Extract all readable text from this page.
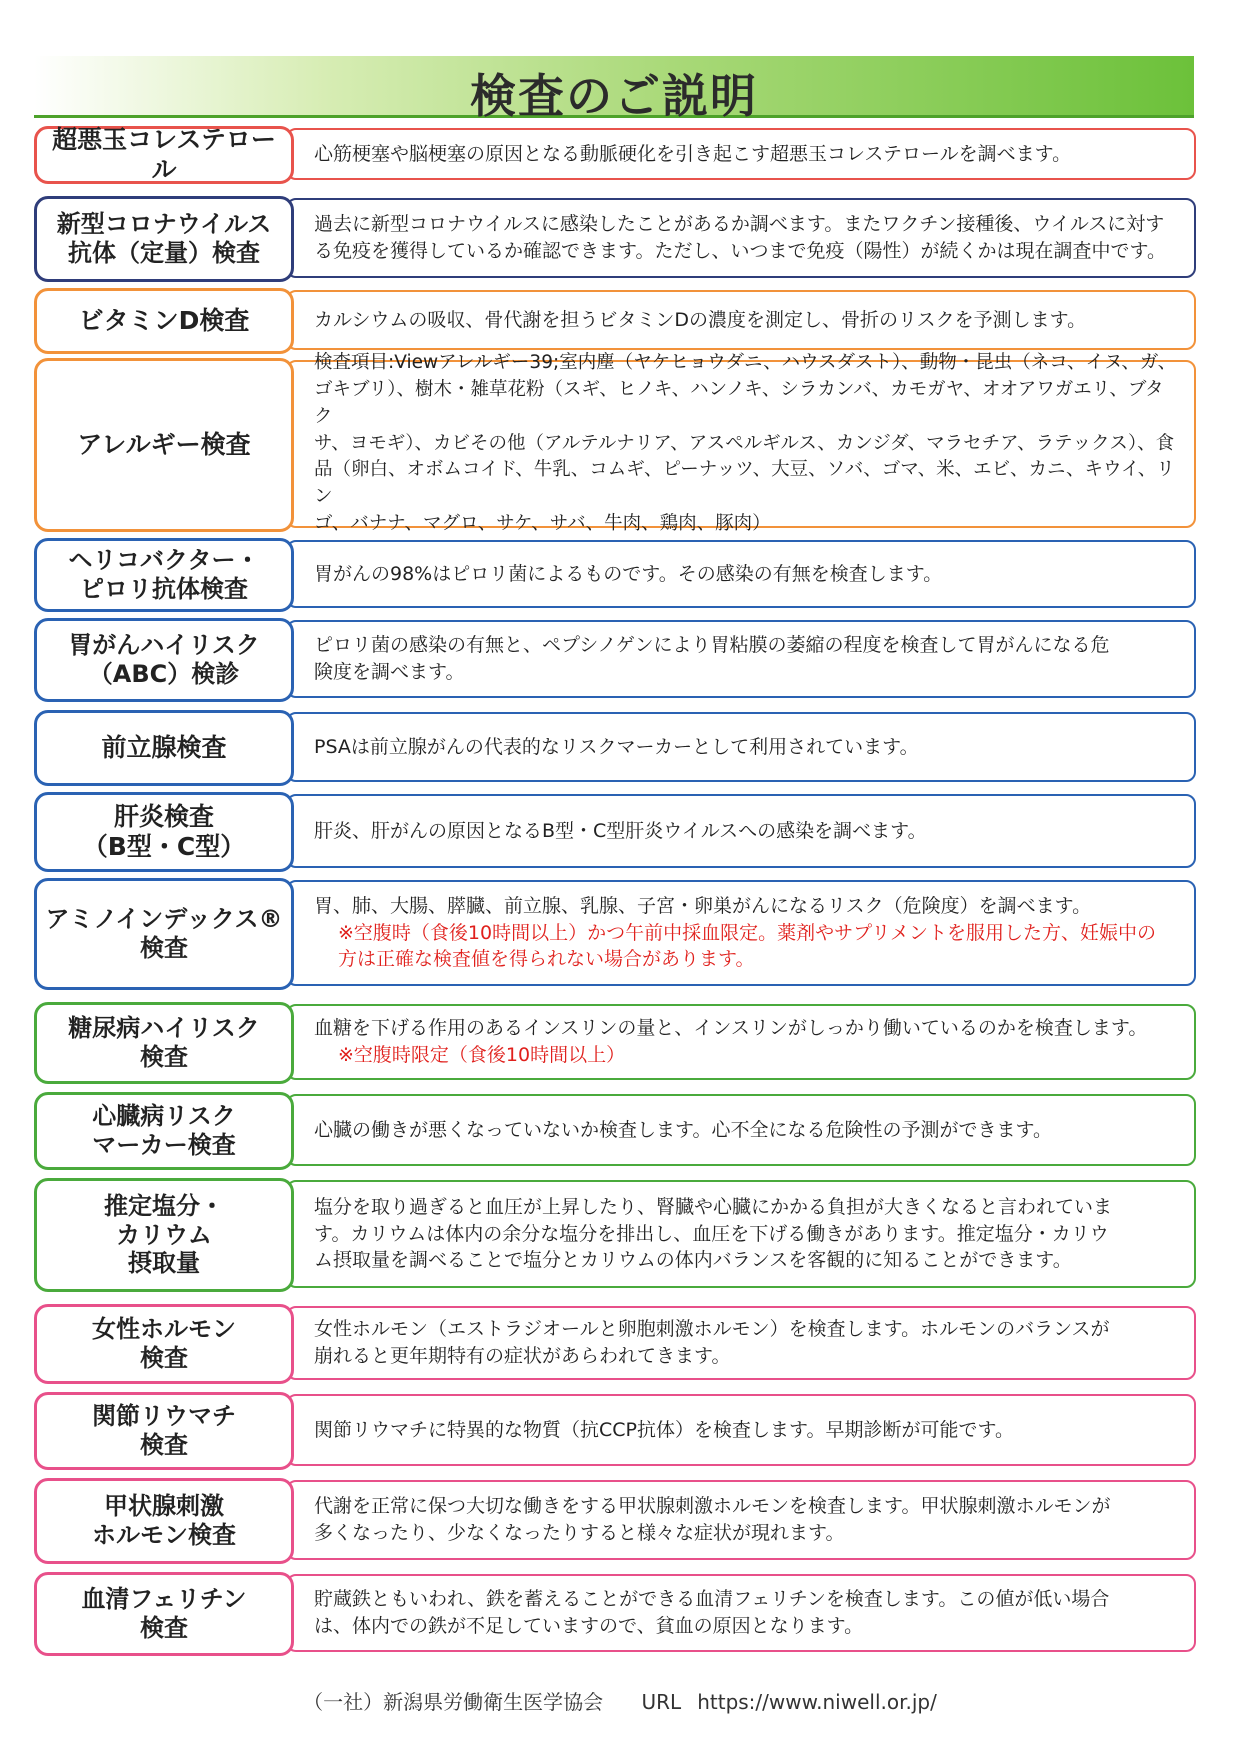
検査のご説明
超悪玉コレステロール
心筋梗塞や脳梗塞の原因となる動脈硬化を引き起こす超悪玉コレステロールを調べます。
新型コロナウイルス
抗体（定量）検査
過去に新型コロナウイルスに感染したことがあるか調べます。またワクチン接種後、ウイルスに対す
る免疫を獲得しているか確認できます。ただし、いつまで免疫（陽性）が続くかは現在調査中です。
ビタミンD検査	カルシウムの吸収、骨代謝を担うビタミンDの濃度を測定し、骨折のリスクを予測します。
アレルギー検査
検査項目:Viewアレルギー39;室内塵（ヤケヒョウダニ、ハウスダスト）、動物・昆虫（ネコ、イヌ、ガ、
ゴキブリ）、樹木・雑草花粉（スギ、ヒノキ、ハンノキ、シラカンバ、カモガヤ、オオアワガエリ、ブタク
サ、ヨモギ）、カビその他（アルテルナリア、アスペルギルス、カンジダ、マラセチア、ラテックス）、食
品（卵白、オボムコイド、牛乳、コムギ、ピーナッツ、大豆、ソバ、ゴマ、米、エビ、カニ、キウイ、リン
ゴ、バナナ、マグロ、サケ、サバ、牛肉、鶏肉、豚肉）
ヘリコバクター・
ピロリ抗体検査
胃がんの98%はピロリ菌によるものです。その感染の有無を検査します。
胃がんハイリスク
（ABC）検診
ピロリ菌の感染の有無と、ペプシノゲンにより胃粘膜の萎縮の程度を検査して胃がんになる危
険度を調べます。
前立腺検査	PSAは前立腺がんの代表的なリスクマーカーとして利用されています。
肝炎検査
（B型・C型）
肝炎、肝がんの原因となるB型・C型肝炎ウイルスへの感染を調べます。
アミノインデックス®
検査
胃、肺、大腸、膵臓、前立腺、乳腺、子宮・卵巣がんになるリスク（危険度）を調べます。
※空腹時（食後10時間以上）かつ午前中採血限定。薬剤やサプリメントを服用した方、妊娠中の
方は正確な検査値を得られない場合があります。
糖尿病ハイリスク
検査
血糖を下げる作用のあるインスリンの量と、インスリンがしっかり働いているのかを検査します。
※空腹時限定（食後10時間以上）
心臓病リスク
マーカー検査
心臓の働きが悪くなっていないか検査します。心不全になる危険性の予測ができます。
推定塩分・
カリウム
摂取量
塩分を取り過ぎると血圧が上昇したり、腎臓や心臓にかかる負担が大きくなると言われていま
す。カリウムは体内の余分な塩分を排出し、血圧を下げる働きがあります。推定塩分・カリウ
ム摂取量を調べることで塩分とカリウムの体内バランスを客観的に知ることができます。
女性ホルモン
検査
女性ホルモン（エストラジオールと卵胞刺激ホルモン）を検査します。ホルモンのバランスが
崩れると更年期特有の症状があらわれてきます。
関節リウマチ
検査
関節リウマチに特異的な物質（抗CCP抗体）を検査します。早期診断が可能です。
甲状腺刺激
ホルモン検査
代謝を正常に保つ大切な働きをする甲状腺刺激ホルモンを検査します。甲状腺刺激ホルモンが
多くなったり、少なくなったりすると様々な症状が現れます。
血清フェリチン
検査
貯蔵鉄ともいわれ、鉄を蓄えることができる血清フェリチンを検査します。この値が低い場合
は、体内での鉄が不足していますので、貧血の原因となります。
（一社）新潟県労働衛生医学協会 URL https://www.niwell.or.jp/
